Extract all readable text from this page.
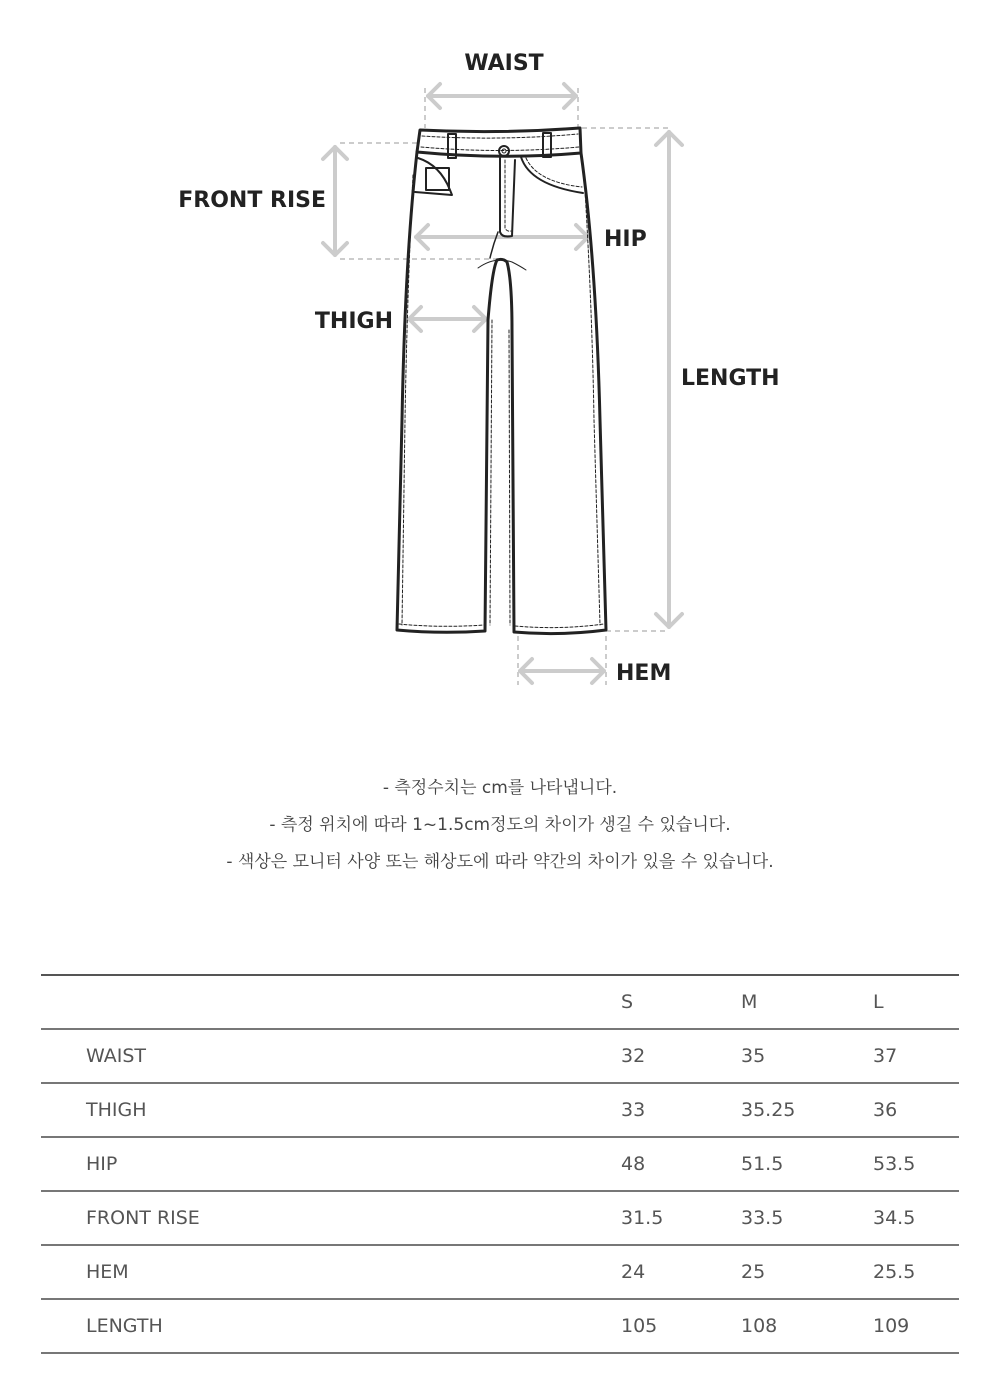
WAIST
FRONT RISE
HIP
THIGH
LENGTH
HEM

- 측정수치는 cm를 나타냅니다.

- 측정 위치에 따라 1~1.5cm정도의 차이가 생길 수 있습니다.

- 색상은 모니터 사양 또는 해상도에 따라 약간의 차이가 있을 수 있습니다.

	S	M	L
WAIST	32	35	37
THIGH	33	35.25	36
HIP	48	51.5	53.5
FRONT RISE	31.5	33.5	34.5
HEM	24	25	25.5
LENGTH	105	108	109
